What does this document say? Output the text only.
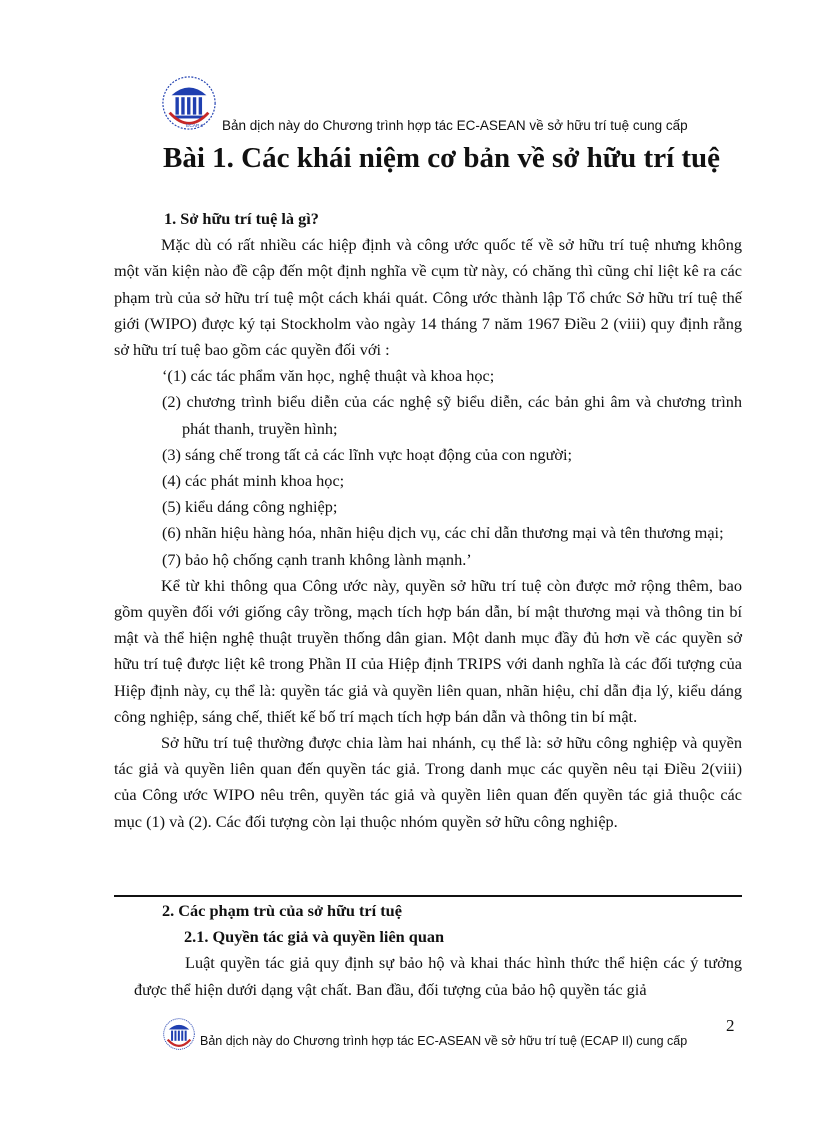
ECAP II Bản dịch này do Chương trình hợp tác EC-ASEAN về sở hữu trí tuệ cung cấp
Bài 1. Các khái niệm cơ bản về sở hữu trí tuệ

1. Sở hữu trí tuệ là gì?

Mặc dù có rất nhiều các hiệp định và công ước quốc tế về sở hữu trí tuệ nhưng không một văn kiện nào đề cập đến một định nghĩa về cụm từ này, có chăng thì cũng chỉ liệt kê ra các phạm trù của sở hữu trí tuệ một cách khái quát. Công ước thành lập Tổ chức Sở hữu trí tuệ thế giới (WIPO) được ký tại Stockholm vào ngày 14 tháng 7 năm 1967 Điều 2 (viii) quy định rằng sở hữu trí tuệ bao gồm các quyền đối với :

‘(1) các tác phẩm văn học, nghệ thuật và khoa học;

(2) chương trình biểu diễn của các nghệ sỹ biểu diễn, các bản ghi âm và chương trình phát thanh, truyền hình;

(3) sáng chế trong tất cả các lĩnh vực hoạt động của con người;

(4) các phát minh khoa học;

(5) kiểu dáng công nghiệp;

(6) nhãn hiệu hàng hóa, nhãn hiệu dịch vụ, các chỉ dẫn thương mại và tên thương mại;

(7) bảo hộ chống cạnh tranh không lành mạnh.’

Kể từ khi thông qua Công ước này, quyền sở hữu trí tuệ còn được mở rộng thêm, bao gồm quyền đối với giống cây trồng, mạch tích hợp bán dẫn, bí mật thương mại và thông tin bí mật và thể hiện nghệ thuật truyền thống dân gian. Một danh mục đầy đủ hơn về các quyền sở hữu trí tuệ được liệt kê trong Phần II của Hiệp định TRIPS với danh nghĩa là các đối tượng của Hiệp định này, cụ thể là: quyền tác giả và quyền liên quan, nhãn hiệu, chỉ dẫn địa lý, kiểu dáng công nghiệp, sáng chế, thiết kế bố trí mạch tích hợp bán dẫn và thông tin bí mật.

Sở hữu trí tuệ thường được chia làm hai nhánh, cụ thể là: sở hữu công nghiệp và quyền tác giả và quyền liên quan đến quyền tác giả. Trong danh mục các quyền nêu tại Điều 2(viii) của Công ước WIPO nêu trên, quyền tác giả và quyền liên quan đến quyền tác giả thuộc các mục (1) và (2). Các đối tượng còn lại thuộc nhóm quyền sở hữu công nghiệp.

2. Các phạm trù của sở hữu trí tuệ

2.1. Quyền tác giả và quyền liên quan

Luật quyền tác giả quy định sự bảo hộ và khai thác hình thức thể hiện các ý tưởng được thể hiện dưới dạng vật chất. Ban đầu, đối tượng của bảo hộ quyền tác giả

2
Bản dịch này do Chương trình hợp tác EC-ASEAN về sở hữu trí tuệ (ECAP II) cung cấp
